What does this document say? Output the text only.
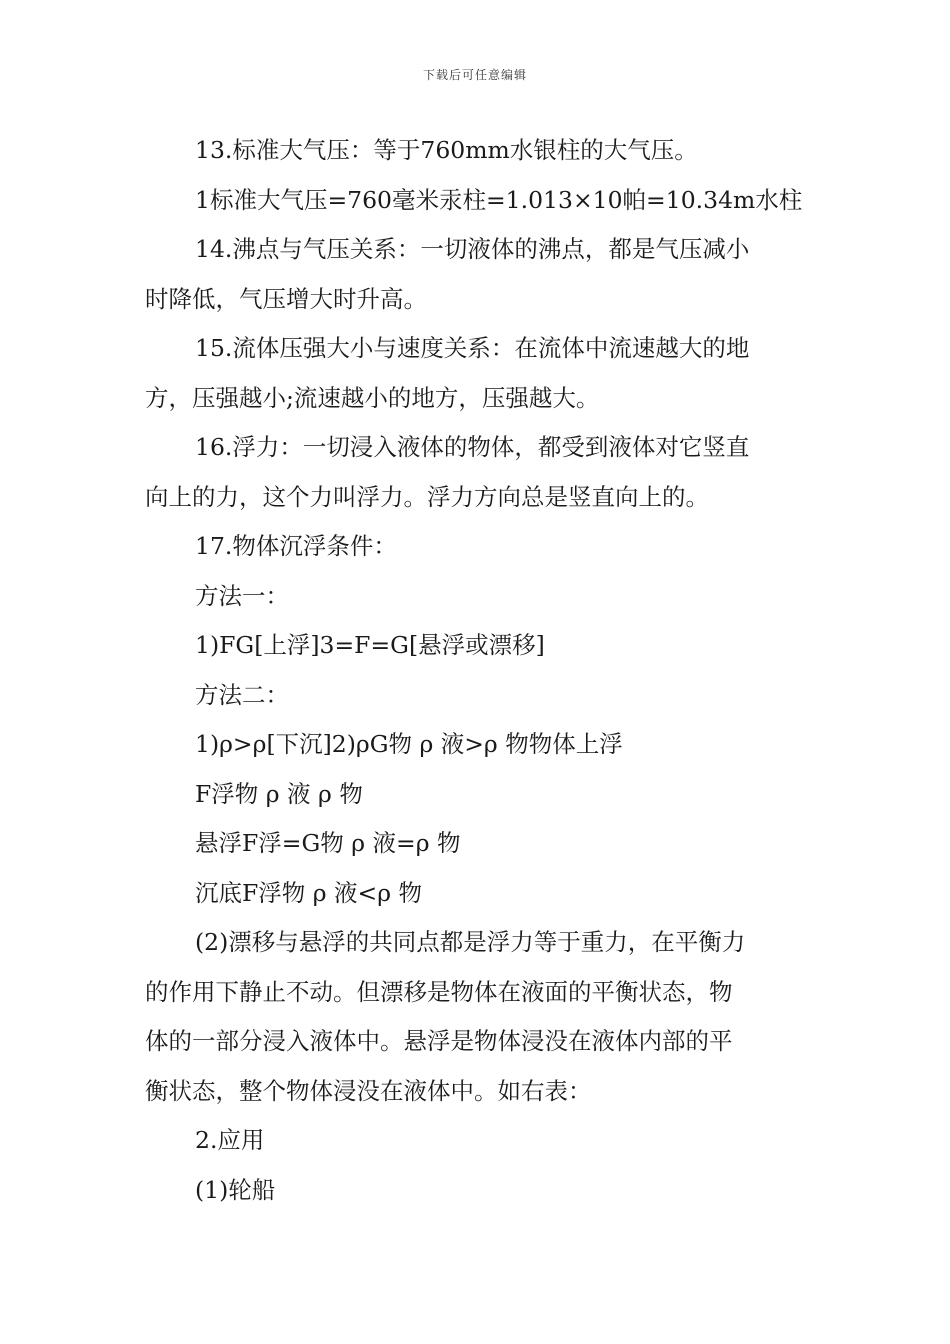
下载后可任意编辑
13.标准大气压：等于760mm水银柱的大气压。
1标准大气压=760毫米汞柱=1.013×10帕=10.34m水柱
14.沸点与气压关系：一切液体的沸点，都是气压减小
时降低，气压增大时升高。
15.流体压强大小与速度关系：在流体中流速越大的地
方，压强越小;流速越小的地方，压强越大。
16.浮力：一切浸入液体的物体，都受到液体对它竖直
向上的力，这个力叫浮力。浮力方向总是竖直向上的。
17.物体沉浮条件：
方法一：
1)FG[上浮]3=F=G[悬浮或漂移]
方法二：
1)ρ>ρ[下沉]2)ρG物 ρ 液>ρ 物物体上浮
F浮物 ρ 液 ρ 物
悬浮F浮=G物 ρ 液=ρ 物
沉底F浮物 ρ 液<ρ 物
(2)漂移与悬浮的共同点都是浮力等于重力，在平衡力
的作用下静止不动。但漂移是物体在液面的平衡状态，物
体的一部分浸入液体中。悬浮是物体浸没在液体内部的平
衡状态，整个物体浸没在液体中。如右表：
2.应用
(1)轮船
